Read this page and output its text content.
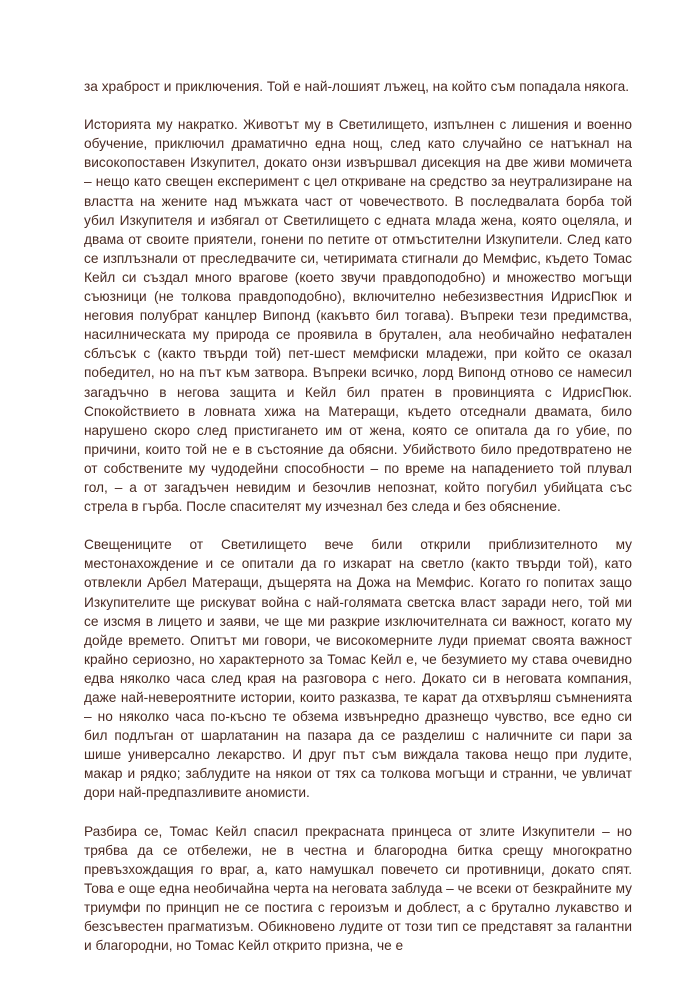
за храброст и приключения. Той е най-лошият лъжец, на който съм попадала някога.

Историята му накратко. Животът му в Светилището, изпълнен с лишения и военно обучение, приключил драматично една нощ, след като случайно се натъкнал на високопоставен Изкупител, докато онзи извършвал дисекция на две живи момичета – нещо като свещен експеримент с цел откриване на средство за неутрализиране на властта на жените над мъжката част от човечеството. В последвалата борба той убил Изкупителя и избягал от Светилището с едната млада жена, която оцеляла, и двама от своите приятели, гонени по петите от отмъстителни Изкупители. След като се изплъзнали от преследвачите си, четиримата стигнали до Мемфис, където Томас Кейл си създал много врагове (което звучи правдоподобно) и множество могъщи съюзници (не толкова правдоподобно), включително небезизвестния ИдрисПюк и неговия полубрат канцлер Випонд (какъвто бил тогава). Въпреки тези предимства, насилническата му природа се проявила в брутален, ала необичайно нефатален сблъсък с (както твърди той) пет-шест мемфиски младежи, при който се оказал победител, но на път към затвора. Въпреки всичко, лорд Випонд отново се намесил загадъчно в негова защита и Кейл бил пратен в провинцията с ИдрисПюк. Спокойствието в ловната хижа на Матеращи, където отседнали двамата, било нарушено скоро след пристигането им от жена, която се опитала да го убие, по причини, които той не е в състояние да обясни. Убийството било предотвратено не от собствените му чудодейни способности – по време на нападението той плувал гол, – а от загадъчен невидим и безочлив непознат, който погубил убийцата със стрела в гърба. После спасителят му изчезнал без следа и без обяснение.

Свещениците от Светилището вече били открили приблизителното му местонахождение и се опитали да го изкарат на светло (както твърди той), като отвлекли Арбел Матеращи, дъщерята на Дожа на Мемфис. Когато го попитах защо Изкупителите ще рискуват война с най-голямата светска власт заради него, той ми се изсмя в лицето и заяви, че ще ми разкрие изключителната си важност, когато му дойде времето. Опитът ми говори, че високомерните луди приемат своята важност крайно сериозно, но характерното за Томас Кейл е, че безумието му става очевидно едва няколко часа след края на разговора с него. Докато си в неговата компания, даже най-невероятните истории, които разказва, те карат да отхвърляш съмненията – но няколко часа по-късно те обзема извънредно дразнещо чувство, все едно си бил подлъган от шарлатанин на пазара да се разделиш с наличните си пари за шише универсално лекарство. И друг път съм виждала такова нещо при лудите, макар и рядко; заблудите на някои от тях са толкова могъщи и странни, че увличат дори най-предпазливите аномисти.

Разбира се, Томас Кейл спасил прекрасната принцеса от злите Изкупители – но трябва да се отбележи, не в честна и благородна битка срещу многократно превъзхождащия го враг, а, като намушкал повечето си противници, докато спят. Това е още една необичайна черта на неговата заблуда – че всеки от безкрайните му триумфи по принцип не се постига с героизъм и доблест, а с брутално лукавство и безсъвестен прагматизъм. Обикновено лудите от този тип се представят за галантни и благородни, но Томас Кейл открито призна, че е
